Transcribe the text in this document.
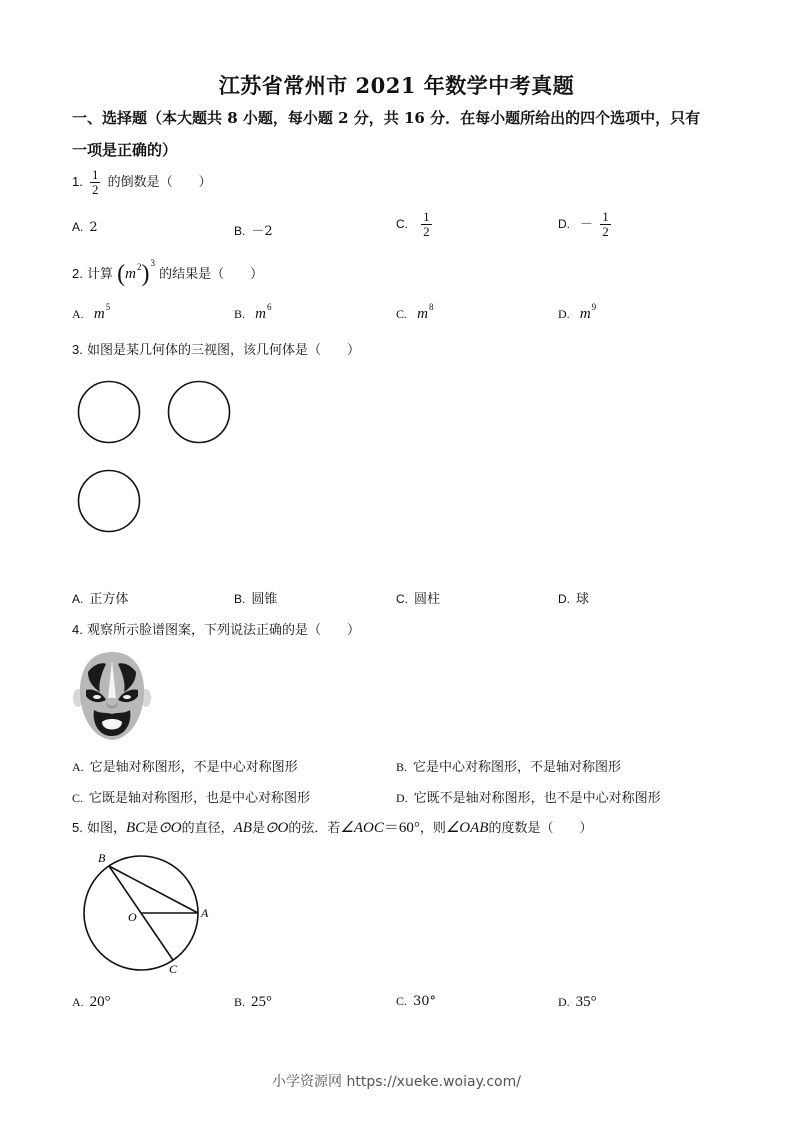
江苏省常州市 2021 年数学中考真题
一、选择题（本大题共 8 小题，每小题 2 分，共 16 分．在每小题所给出的四个选项中，只有
一项是正确的）
1. $\frac{1}{2}$ 的倒数是（　　）
A. 2	B. －2	C. $\frac{1}{2}$	D. － $\frac{1}{2}$
2. 计算 $(m^2)^3$ 的结果是（　　）
A. $m^5$	B. $m^6$	C. $m^8$	D. $m^9$
3. 如图是某几何体的三视图，该几何体是（　　）
A. 正方体	B. 圆锥	C. 圆柱	D. 球
4. 观察所示脸谱图案，下列说法正确的是（　　）
A. 它是轴对称图形，不是中心对称图形	B. 它是中心对称图形，不是轴对称图形
C. 它既是轴对称图形，也是中心对称图形	D. 它既不是轴对称图形，也不是中心对称图形
5. 如图，BC是⊙O的直径，AB是⊙O的弦．若∠AOC＝60°，则∠OAB的度数是（　　）
B
A
O
C
A. 20°	B. 25°	C. 30°	D. 35°
小学资源网 https://xueke.woiay.com/
